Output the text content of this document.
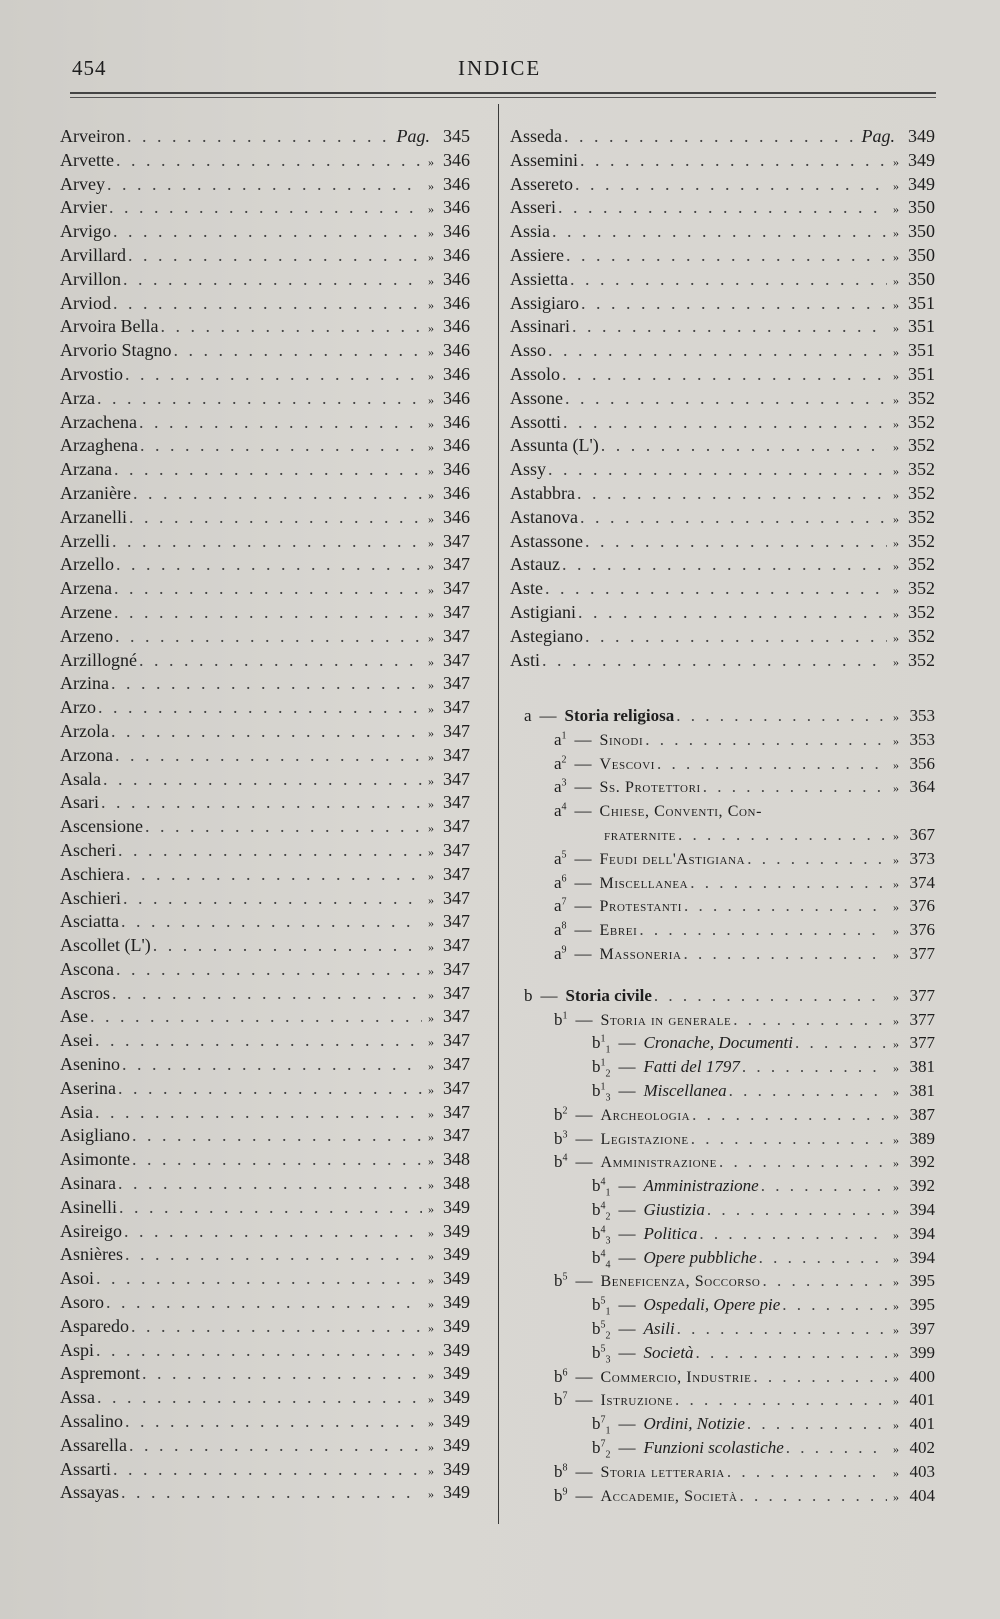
454	INDICE
Arveiron . . .	Pag. 345
Arvette . . .	» 346
Arvey . . .	» 346
Arvier . . .	» 346
Arvigo . . .	» 346
Arvillard . . .	» 346
Arvillon . . .	» 346
Arviod . . .	» 346
Arvoira Bella . . .	» 346
Arvorio Stagno . . .	» 346
Arvostio . . .	» 346
Arza . . .	» 346
Arzachena . . .	» 346
Arzaghena . . .	» 346
Arzana . . .	» 346
Arzanière . . .	» 346
Arzanelli . . .	» 346
Arzelli . . .	» 347
Arzello . . .	» 347
Arzena . . .	» 347
Arzene . . .	» 347
Arzeno . . .	» 347
Arzillogné . . .	» 347
Arzina . . .	» 347
Arzo . . .	» 347
Arzola . . .	» 347
Arzona . . .	» 347
Asala . . .	» 347
Asari . . .	» 347
Ascensione . . .	» 347
Ascheri . . .	» 347
Aschiera . . .	» 347
Aschieri . . .	» 347
Asciatta . . .	» 347
Ascollet (L') . . .	» 347
Ascona . . .	» 347
Ascros . . .	» 347
Ase . . .	» 347
Asei . . .	» 347
Asenino . . .	» 347
Aserina . . .	» 347
Asia . . .	» 347
Asigliano . . .	» 347
Asimonte . . .	» 348
Asinara . . .	» 348
Asinelli . . .	» 349
Asireigo . . .	» 349
Asnières . . .	» 349
Asoi . . .	» 349
Asoro . . .	» 349
Asparedo . . .	» 349
Aspi . . .	» 349
Aspremont . . .	» 349
Assa . . .	» 349
Assalino . . .	» 349
Assarella . . .	» 349
Assarti . . .	» 349
Assayas . . .	» 349
Asseda . . .	Pag. 349
Assemini . . .	» 349
Assereto . . .	» 349
Asseri . . .	» 350
Assia . . .	» 350
Assiere . . .	» 350
Assietta . . .	» 350
Assigiaro . . .	» 351
Assinari . . .	» 351
Asso . . .	» 351
Assolo . . .	» 351
Assone . . .	» 352
Assotti . . .	» 352
Assunta (L') . . .	» 352
Assy . . .	» 352
Astabbra . . .	» 352
Astanova . . .	» 352
Astassone . . .	» 352
Astauz . . .	» 352
Aste . . .	» 352
Astigiani . . .	» 352
Astegiano . . .	» 352
Asti . . .	» 352
a — Storia religiosa . . .	» 353
$a^1$ — Sinodi . . .	» 353
$a^2$ — Vescovi . . .	» 356
$a^3$ — Ss. Protettori . . .	» 364
$a^4$ — Chiese, Conventi, Con-
fraternite . . .	» 367
$a^5$ — Feudi dell'Astigiana . . .	» 373
$a^6$ — Miscellanea . . .	» 374
$a^7$ — Protestanti . . .	» 376
$a^8$ — Ebrei . . .	» 376
$a^9$ — Massoneria . . .	» 377
b — Storia civile . . .	» 377
$b^1$ — Storia in generale . . .	» 377
$b^1_1$ — Cronache, Documenti . . .	» 377
$b^1_2$ — Fatti del 1797 . . .	» 381
$b^1_3$ — Miscellanea . . .	» 381
$b^2$ — Archeologia . . .	» 387
$b^3$ — Legistazione . . .	» 389
$b^4$ — Amministrazione . . .	» 392
$b^4_1$ — Amministrazione . . .	» 392
$b^4_2$ — Giustizia . . .	» 394
$b^4_3$ — Politica . . .	» 394
$b^4_4$ — Opere pubbliche . . .	» 394
$b^5$ — Beneficenza, Soccorso . . .	» 395
$b^5_1$ — Ospedali, Opere pie . . .	» 395
$b^5_2$ — Asili . . .	» 397
$b^5_3$ — Società . . .	» 399
$b^6$ — Commercio, Industrie . . .	» 400
$b^7$ — Istruzione . . .	» 401
$b^7_1$ — Ordini, Notizie . . .	» 401
$b^7_2$ — Funzioni scolastiche . . .	» 402
$b^8$ — Storia letteraria . . .	» 403
$b^9$ — Accademie, Società . . .	» 404
